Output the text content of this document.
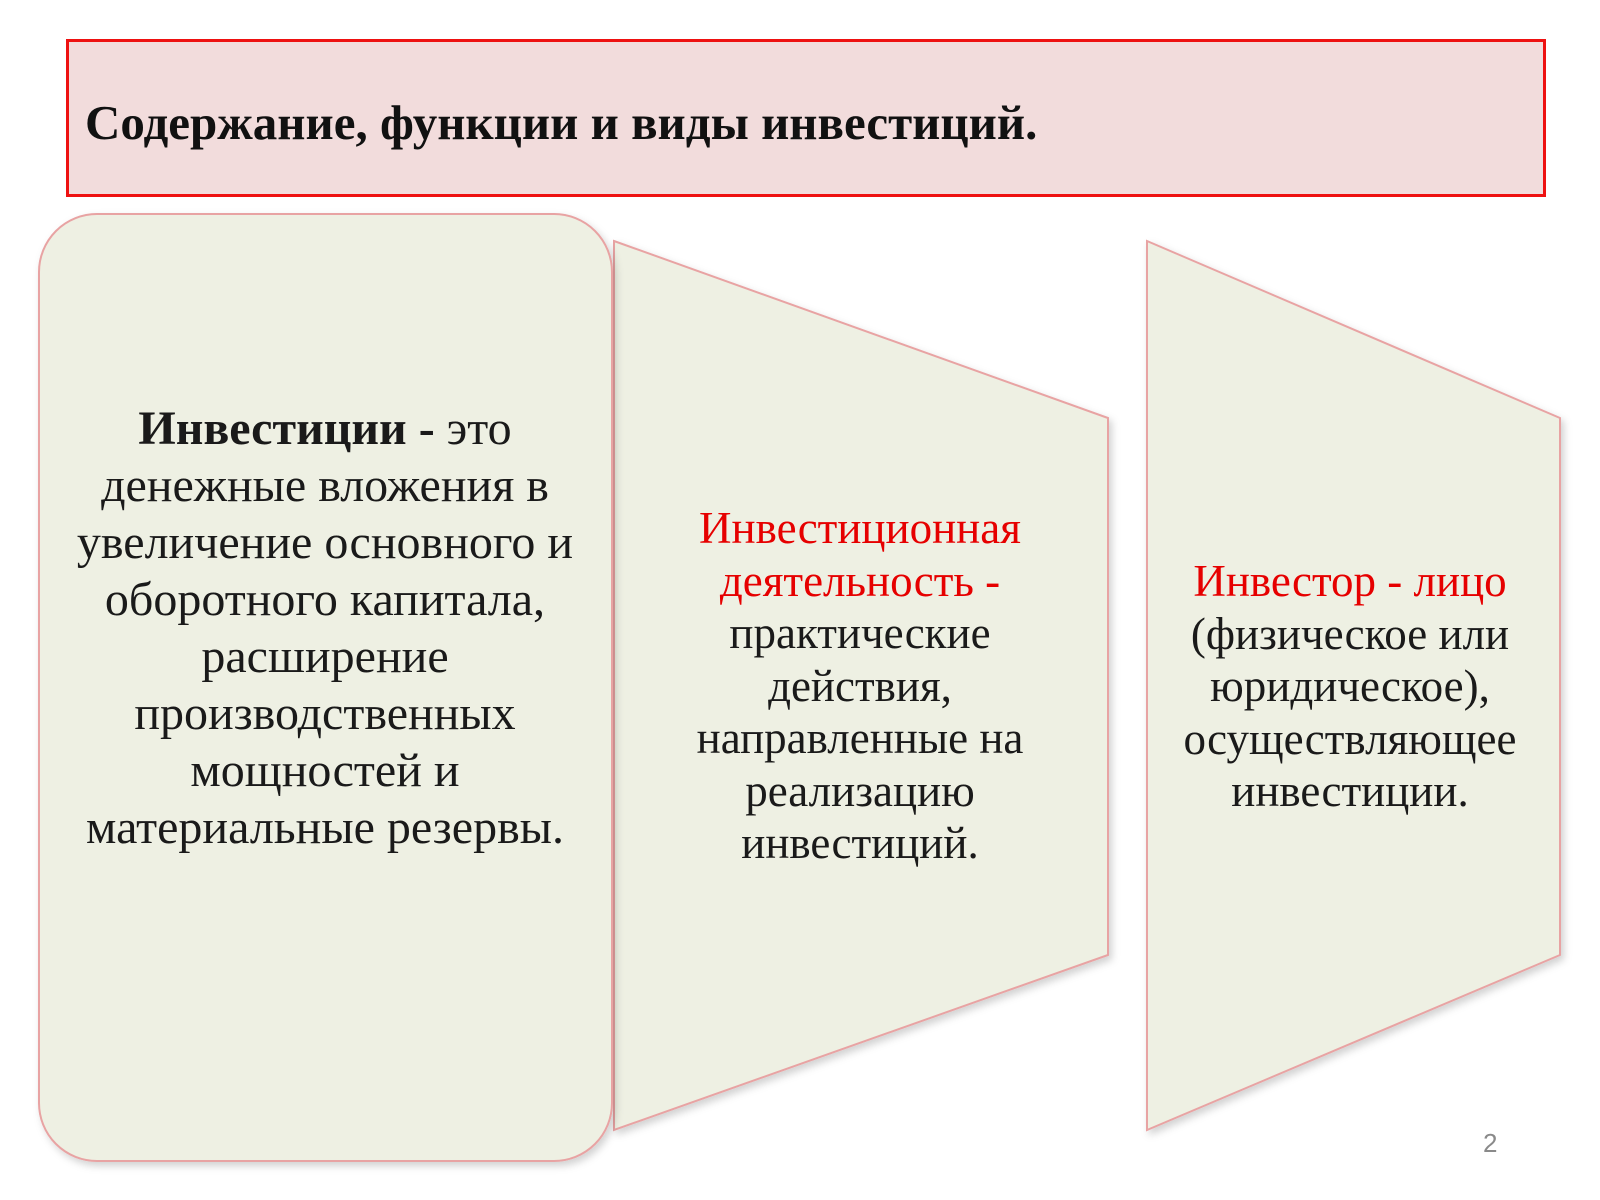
Содержание, функции и виды инвестиций.
Инвестиции - это денежные вложения в увеличение основного и оборотного капитала, расширение производственных мощностей и материальные резервы.
Инвестиционная деятельность - практические действия, направленные на реализацию инвестиций.
Инвестор - лицо (физическое или юридическое), осуществляющее инвестиции.
2
